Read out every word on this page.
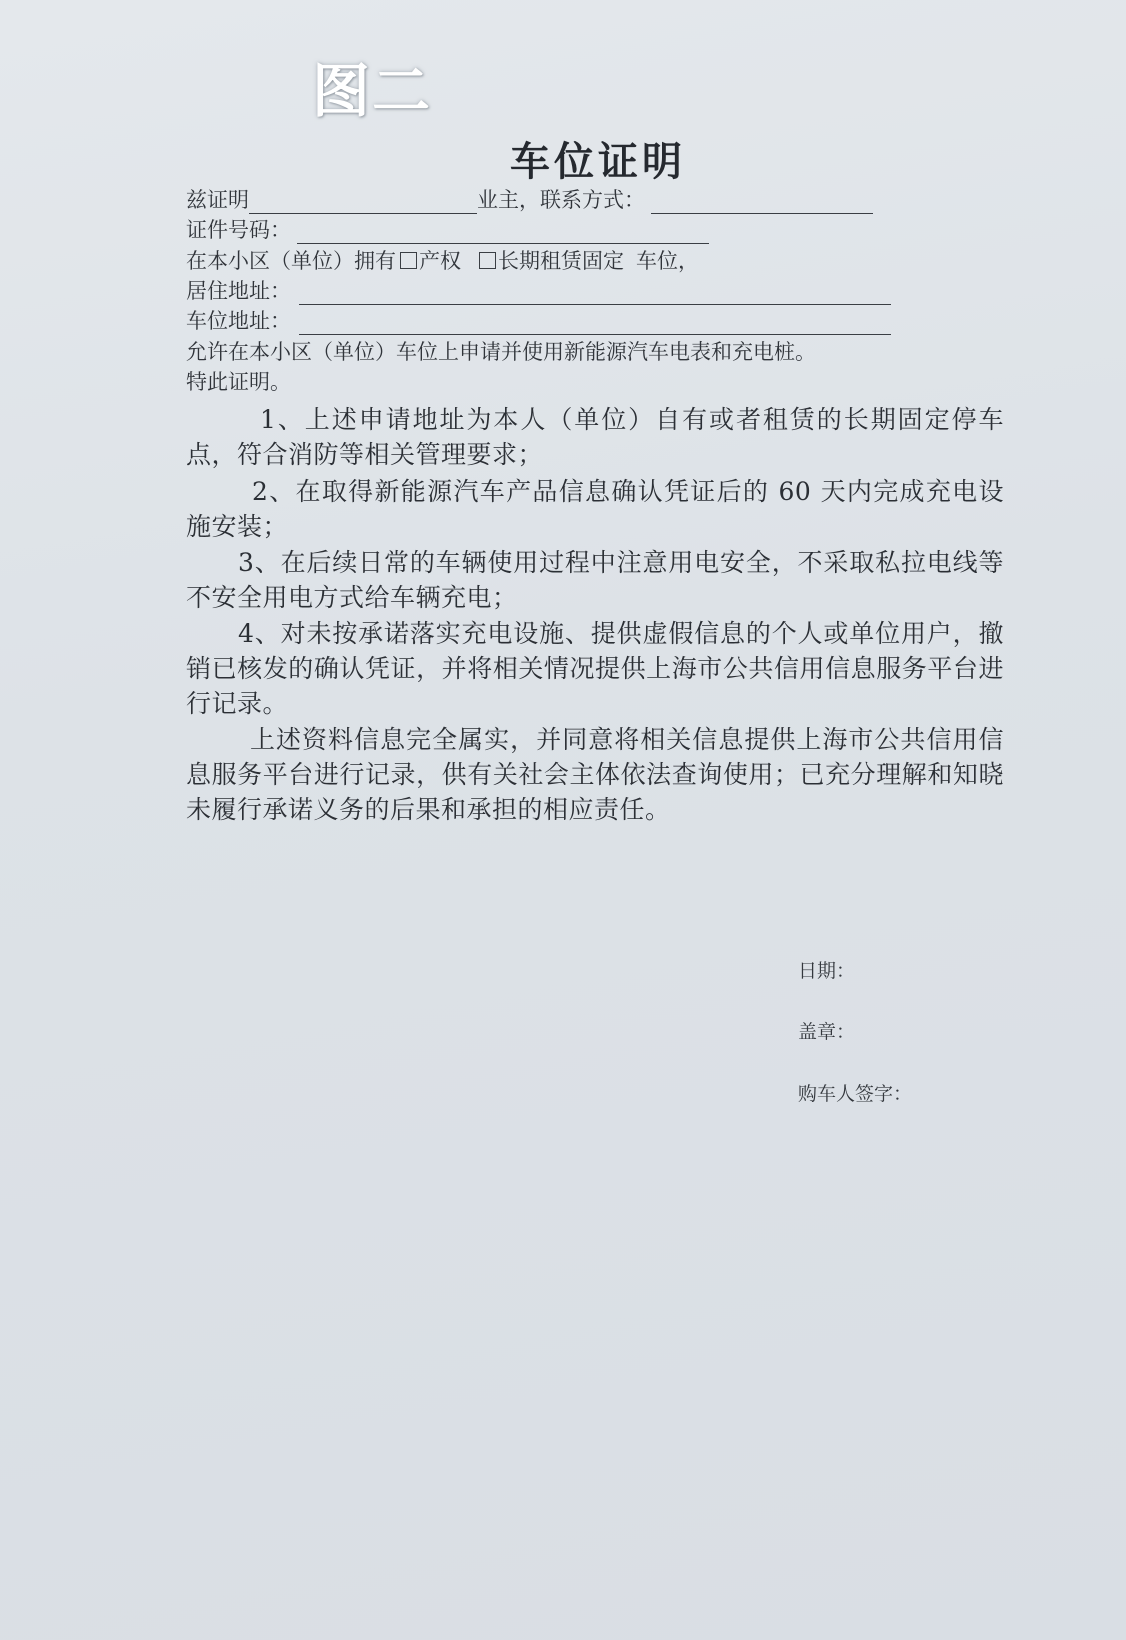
图二
车位证明
兹证明	业主，联系方式：
证件号码：
在本小区（单位）拥有 产权 长期租赁固定 车位，
居住地址：
车位地址：
允许在本小区（单位）车位上申请并使用新能源汽车电表和充电桩。
特此证明。
1、上述申请地址为本人（单位）自有或者租赁的长期固定停车点，符合消防等相关管理要求；
2、在取得新能源汽车产品信息确认凭证后的 60 天内完成充电设施安装；
3、在后续日常的车辆使用过程中注意用电安全，不采取私拉电线等不安全用电方式给车辆充电；
4、对未按承诺落实充电设施、提供虚假信息的个人或单位用户，撤销已核发的确认凭证，并将相关情况提供上海市公共信用信息服务平台进行记录。
上述资料信息完全属实，并同意将相关信息提供上海市公共信用信息服务平台进行记录，供有关社会主体依法查询使用；已充分理解和知晓未履行承诺义务的后果和承担的相应责任。
日期：
盖章：
购车人签字：
